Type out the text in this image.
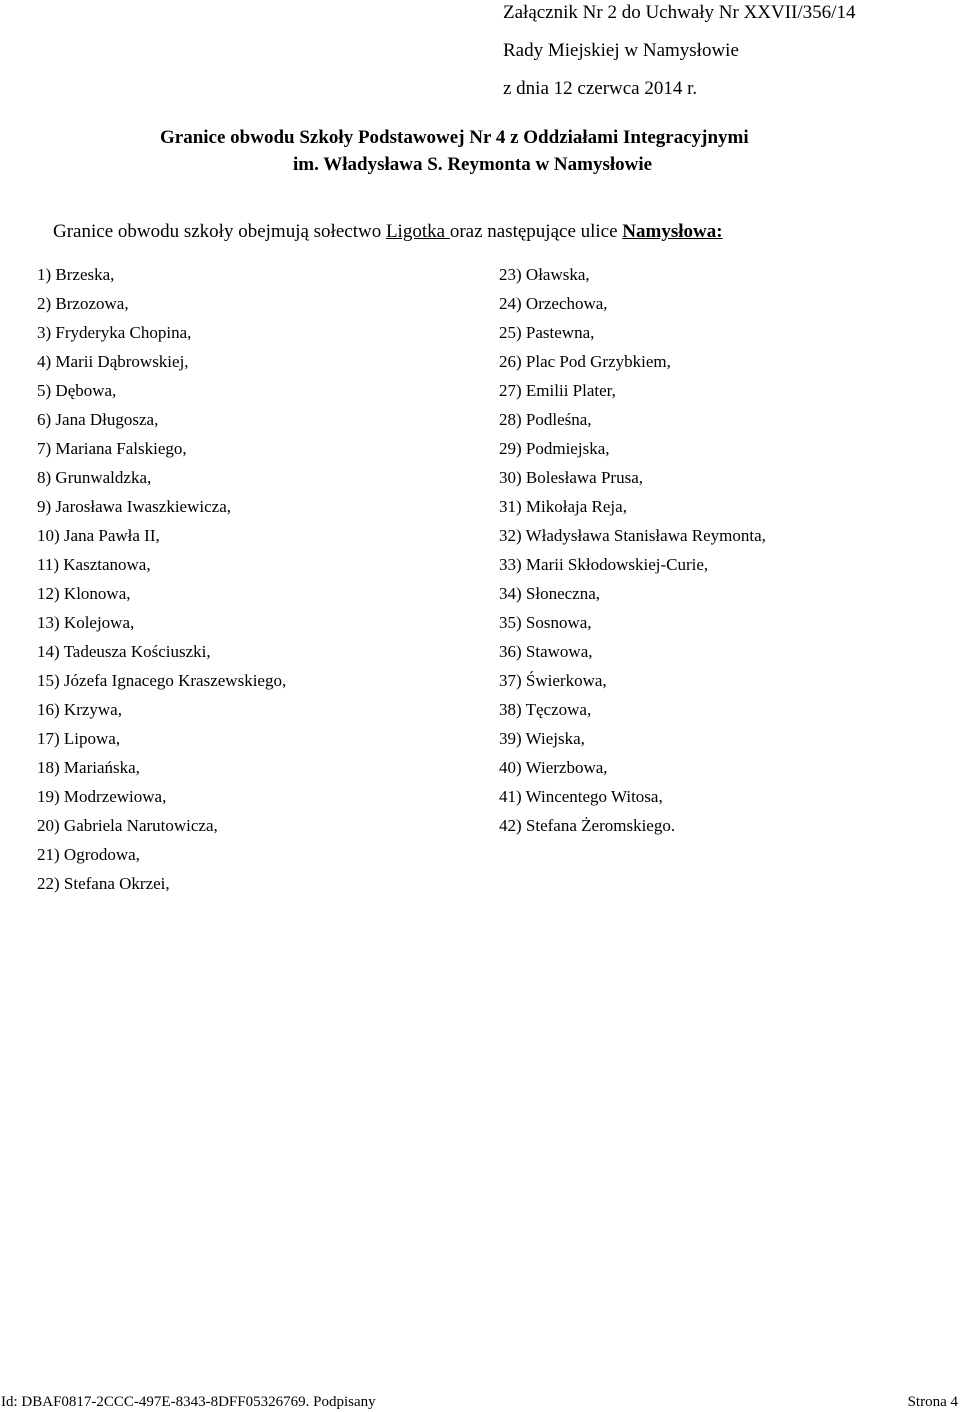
Załącznik Nr 2 do Uchwały Nr XXVII/356/14
Rady Miejskiej w Namysłowie
z dnia 12 czerwca 2014 r.
Granice obwodu Szkoły Podstawowej Nr 4 z Oddziałami Integracyjnymi
im. Władysława S. Reymonta w Namysłowie
Granice obwodu szkoły obejmują sołectwo Ligotka oraz następujące ulice Namysłowa:
1) Brzeska,
2) Brzozowa,
3) Fryderyka Chopina,
4) Marii Dąbrowskiej,
5) Dębowa,
6) Jana Długosza,
7) Mariana Falskiego,
8) Grunwaldzka,
9) Jarosława Iwaszkiewicza,
10) Jana Pawła II,
11) Kasztanowa,
12) Klonowa,
13) Kolejowa,
14) Tadeusza Kościuszki,
15) Józefa Ignacego Kraszewskiego,
16) Krzywa,
17) Lipowa,
18) Mariańska,
19) Modrzewiowa,
20) Gabriela Narutowicza,
21) Ogrodowa,
22) Stefana Okrzei,
23) Oławska,
24) Orzechowa,
25) Pastewna,
26) Plac Pod Grzybkiem,
27) Emilii Plater,
28) Podleśna,
29) Podmiejska,
30) Bolesława Prusa,
31) Mikołaja Reja,
32) Władysława Stanisława Reymonta,
33) Marii Skłodowskiej-Curie,
34) Słoneczna,
35) Sosnowa,
36) Stawowa,
37) Świerkowa,
38) Tęczowa,
39) Wiejska,
40) Wierzbowa,
41) Wincentego Witosa,
42) Stefana Żeromskiego.
Id: DBAF0817-2CCC-497E-8343-8DFF05326769. Podpisany	Strona 4
